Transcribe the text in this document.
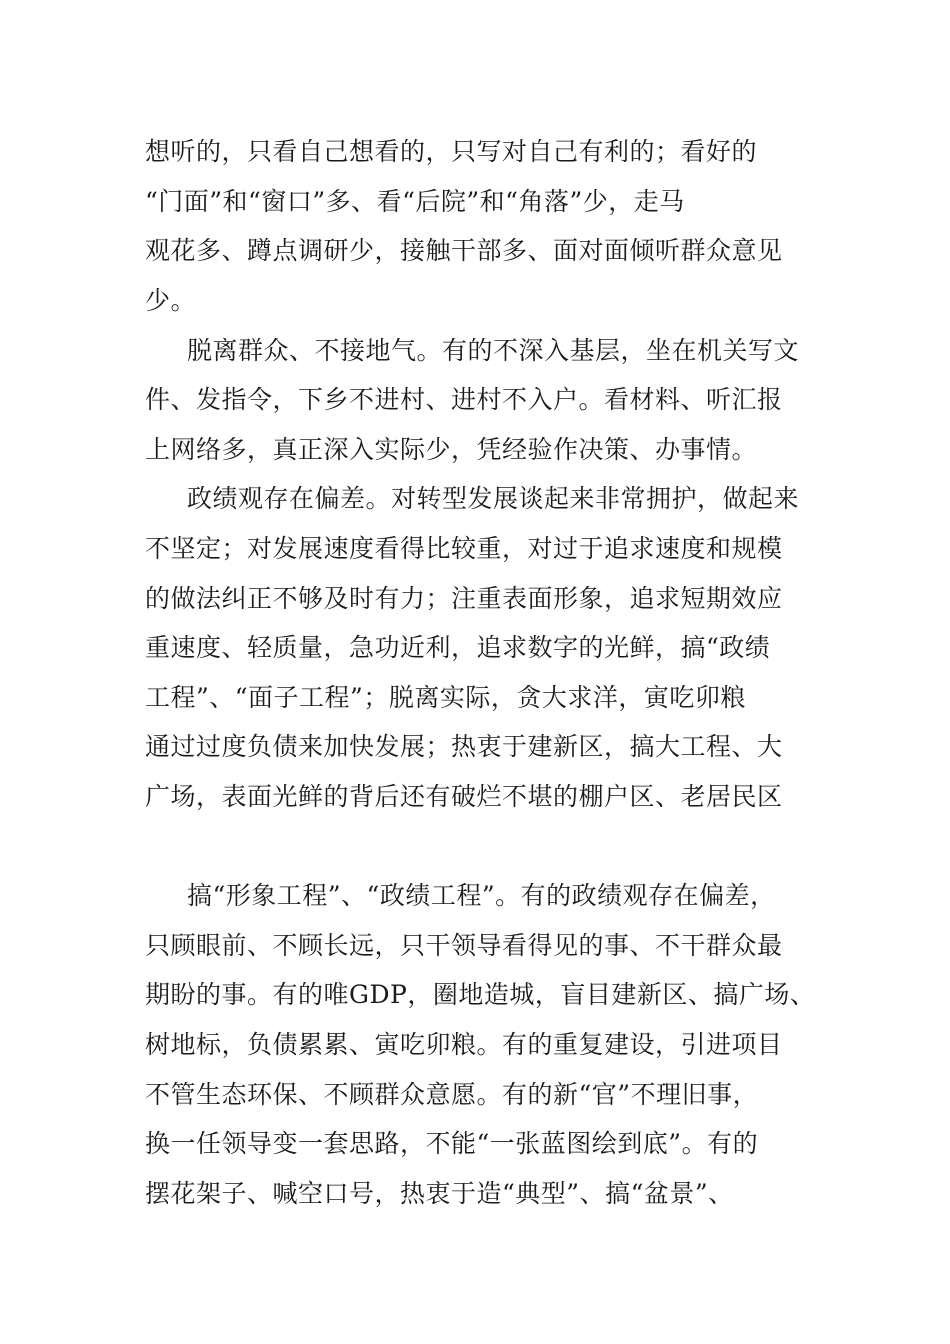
想听的，只看自己想看的，只写对自己有利的；看好的
“门面”和“窗口”多、看“后院”和“角落”少，走马
观花多、蹲点调研少，接触干部多、面对面倾听群众意见
少。
脱离群众、不接地气。有的不深入基层，坐在机关写文
件、发指令，下乡不进村、进村不入户。看材料、听汇报
上网络多，真正深入实际少，凭经验作决策、办事情。
政绩观存在偏差。对转型发展谈起来非常拥护，做起来
不坚定；对发展速度看得比较重，对过于追求速度和规模
的做法纠正不够及时有力；注重表面形象，追求短期效应
重速度、轻质量，急功近利，追求数字的光鲜，搞“政绩
工程”、“面子工程”；脱离实际，贪大求洋，寅吃卯粮
通过过度负债来加快发展；热衷于建新区，搞大工程、大
广场，表面光鲜的背后还有破烂不堪的棚户区、老居民区
搞“形象工程”、“政绩工程”。有的政绩观存在偏差，
只顾眼前、不顾长远，只干领导看得见的事、不干群众最
期盼的事。有的唯GDP，圈地造城，盲目建新区、搞广场、
树地标，负债累累、寅吃卯粮。有的重复建设，引进项目
不管生态环保、不顾群众意愿。有的新“官”不理旧事，
换一任领导变一套思路，不能“一张蓝图绘到底”。有的
摆花架子、喊空口号，热衷于造“典型”、搞“盆景”、
